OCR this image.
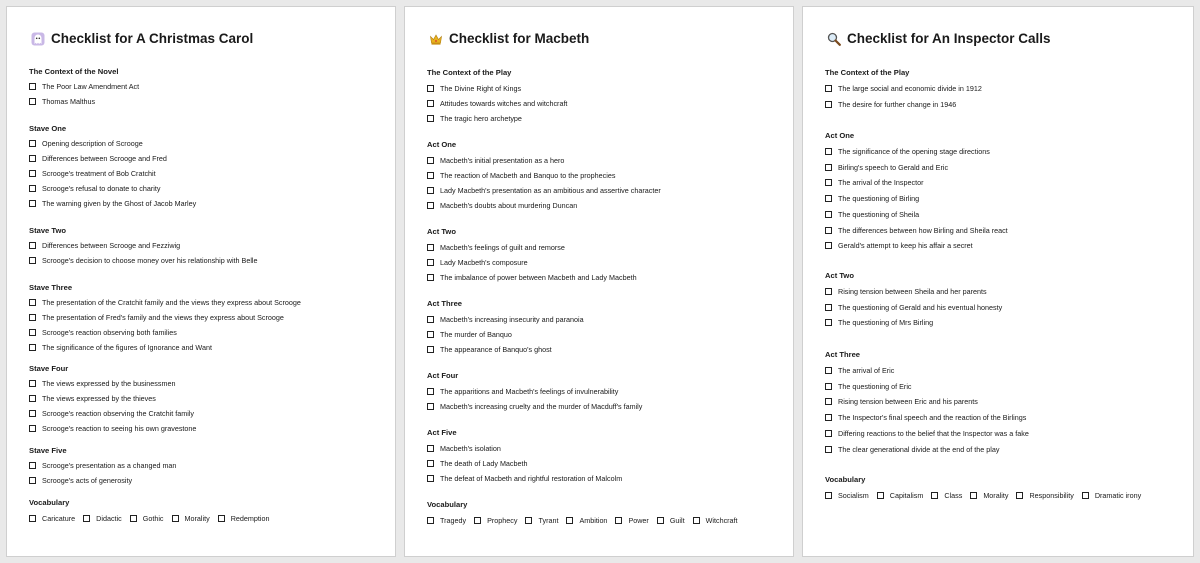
Checklist for A Christmas Carol
The Context of the Novel
The Poor Law Amendment Act
Thomas Malthus
Stave One
Opening description of Scrooge
Differences between Scrooge and Fred
Scrooge's treatment of Bob Cratchit
Scrooge's refusal to donate to charity
The warning given by the Ghost of Jacob Marley
Stave Two
Differences between Scrooge and Fezziwig
Scrooge's decision to choose money over his relationship with Belle
Stave Three
The presentation of the Cratchit family and the views they express about Scrooge
The presentation of Fred's family and the views they express about Scrooge
Scrooge's reaction observing both families
The significance of the figures of Ignorance and Want
Stave Four
The views expressed by the businessmen
The views expressed by the thieves
Scrooge's reaction observing the Cratchit family
Scrooge's reaction to seeing his own gravestone
Stave Five
Scrooge's presentation as a changed man
Scrooge's acts of generosity
Vocabulary
Caricature	Didactic	Gothic	Morality	Redemption
Checklist for Macbeth
The Context of the Play
The Divine Right of Kings
Attitudes towards witches and witchcraft
The tragic hero archetype
Act One
Macbeth's initial presentation as a hero
The reaction of Macbeth and Banquo to the prophecies
Lady Macbeth's presentation as an ambitious and assertive character
Macbeth's doubts about murdering Duncan
Act Two
Macbeth's feelings of guilt and remorse
Lady Macbeth's composure
The imbalance of power between Macbeth and Lady Macbeth
Act Three
Macbeth's increasing insecurity and paranoia
The murder of Banquo
The appearance of Banquo's ghost
Act Four
The apparitions and Macbeth's feelings of invulnerability
Macbeth's increasing cruelty and the murder of Macduff's family
Act Five
Macbeth's isolation
The death of Lady Macbeth
The defeat of Macbeth and rightful restoration of Malcolm
Vocabulary
Tragedy	Prophecy	Tyrant	Ambition	Power	Guilt	Witchcraft
Checklist for An Inspector Calls
The Context of the Play
The large social and economic divide in 1912
The desire for further change in 1946
Act One
The significance of the opening stage directions
Birling's speech to Gerald and Eric
The arrival of the Inspector
The questioning of Birling
The questioning of Sheila
The differences between how Birling and Sheila react
Gerald's attempt to keep his affair a secret
Act Two
Rising tension between Sheila and her parents
The questioning of Gerald and his eventual honesty
The questioning of Mrs Birling
Act Three
The arrival of Eric
The questioning of Eric
Rising tension between Eric and his parents
The Inspector's final speech and the reaction of the Birlings
Differing reactions to the belief that the Inspector was a fake
The clear generational divide at the end of the play
Vocabulary
Socialism	Capitalism	Class	Morality	Responsibility	Dramatic irony
